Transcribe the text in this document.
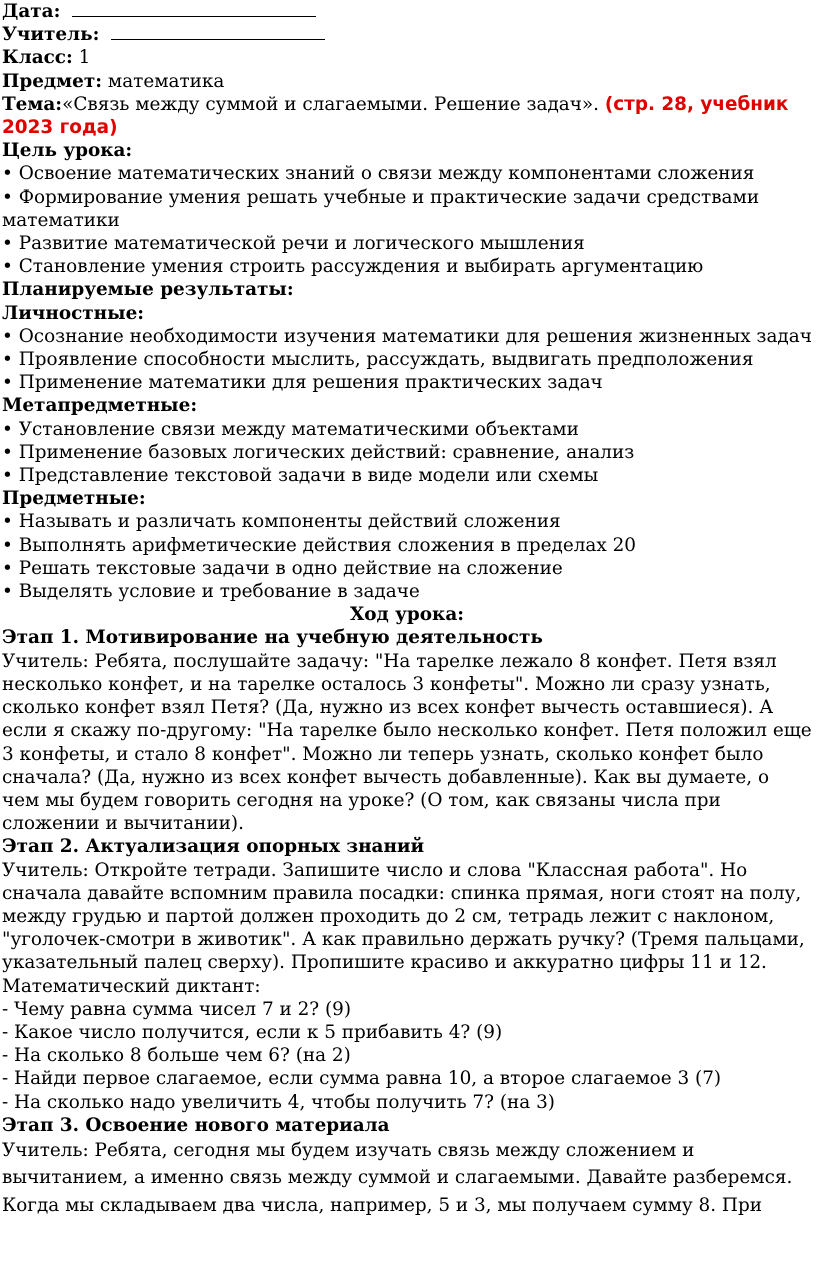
Дата:
Учитель:
Класс: 1
Предмет: математика
Тема:«Связь между суммой и слагаемыми. Решение задач». (стр. 28, учебник 2023 года)
Цель урока:
• Освоение математических знаний о связи между компонентами сложения
• Формирование умения решать учебные и практические задачи средствами математики
• Развитие математической речи и логического мышления
• Становление умения строить рассуждения и выбирать аргументацию
Планируемые результаты:
Личностные:
• Осознание необходимости изучения математики для решения жизненных задач
• Проявление способности мыслить, рассуждать, выдвигать предположения
• Применение математики для решения практических задач
Метапредметные:
• Установление связи между математическими объектами
• Применение базовых логических действий: сравнение, анализ
• Представление текстовой задачи в виде модели или схемы
Предметные:
• Называть и различать компоненты действий сложения
• Выполнять арифметические действия сложения в пределах 20
• Решать текстовые задачи в одно действие на сложение
• Выделять условие и требование в задаче
Ход урока:
Этап 1. Мотивирование на учебную деятельность
Учитель: Ребята, послушайте задачу: "На тарелке лежало 8 конфет. Петя взял несколько конфет, и на тарелке осталось 3 конфеты". Можно ли сразу узнать, сколько конфет взял Петя? (Да, нужно из всех конфет вычесть оставшиеся). А если я скажу по-другому: "На тарелке было несколько конфет. Петя положил еще 3 конфеты, и стало 8 конфет". Можно ли теперь узнать, сколько конфет было сначала? (Да, нужно из всех конфет вычесть добавленные). Как вы думаете, о чем мы будем говорить сегодня на уроке? (О том, как связаны числа при сложении и вычитании).
Этап 2. Актуализация опорных знаний
Учитель: Откройте тетради. Запишите число и слова "Классная работа". Но сначала давайте вспомним правила посадки: спинка прямая, ноги стоят на полу, между грудью и партой должен проходить до 2 см, тетрадь лежит с наклоном, "уголочек-смотри в животик". А как правильно держать ручку? (Тремя пальцами, указательный палец сверху). Пропишите красиво и аккуратно цифры 11 и 12.
Математический диктант:
- Чему равна сумма чисел 7 и 2? (9)
- Какое число получится, если к 5 прибавить 4? (9)
- На сколько 8 больше чем 6? (на 2)
- Найди первое слагаемое, если сумма равна 10, а второе слагаемое 3 (7)
- На сколько надо увеличить 4, чтобы получить 7? (на 3)
Этап 3. Освоение нового материала
Учитель: Ребята, сегодня мы будем изучать связь между сложением и вычитанием, а именно связь между суммой и слагаемыми. Давайте разберемся. Когда мы складываем два числа, например, 5 и 3, мы получаем сумму 8. При
